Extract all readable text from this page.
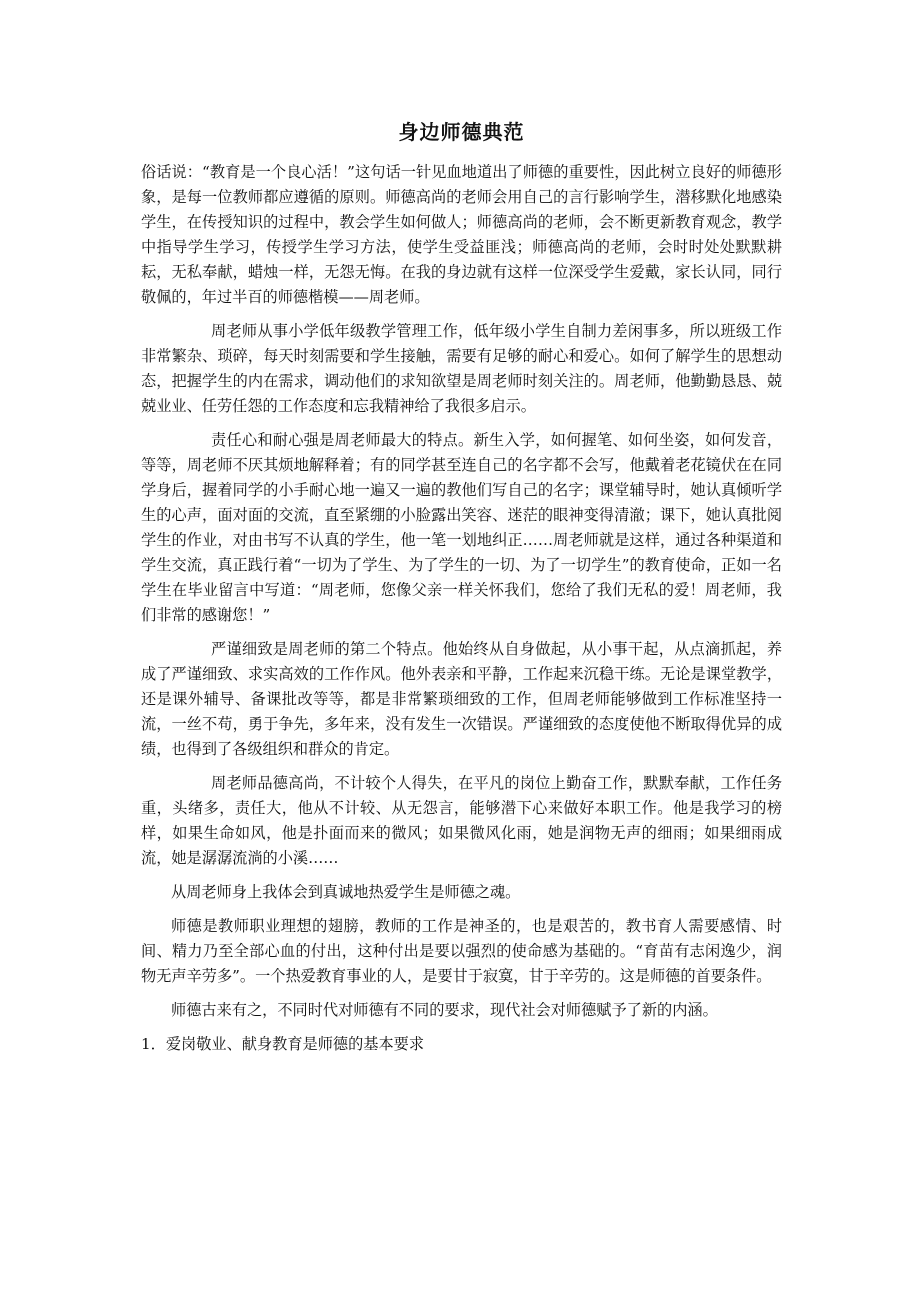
身边师德典范

俗话说：“教育是一个良心活！”这句话一针见血地道出了师德的重要性，因此树立良好的师德形象，是每一位教师都应遵循的原则。师德高尚的老师会用自己的言行影响学生，潜移默化地感染学生，在传授知识的过程中，教会学生如何做人；师德高尚的老师，会不断更新教育观念，教学中指导学生学习，传授学生学习方法，使学生受益匪浅；师德高尚的老师，会时时处处默默耕耘，无私奉献，蜡烛一样，无怨无悔。在我的身边就有这样一位深受学生爱戴，家长认同，同行敬佩的，年过半百的师德楷模——周老师。

周老师从事小学低年级教学管理工作，低年级小学生自制力差闲事多，所以班级工作非常繁杂、琐碎，每天时刻需要和学生接触，需要有足够的耐心和爱心。如何了解学生的思想动态，把握学生的内在需求，调动他们的求知欲望是周老师时刻关注的。周老师，他勤勤恳恳、兢兢业业、任劳任怨的工作态度和忘我精神给了我很多启示。

责任心和耐心强是周老师最大的特点。新生入学，如何握笔、如何坐姿，如何发音，等等，周老师不厌其烦地解释着；有的同学甚至连自己的名字都不会写，他戴着老花镜伏在在同学身后，握着同学的小手耐心地一遍又一遍的教他们写自己的名字；课堂辅导时，她认真倾听学生的心声，面对面的交流，直至紧绷的小脸露出笑容、迷茫的眼神变得清澈；课下，她认真批阅学生的作业，对由书写不认真的学生，他一笔一划地纠正……周老师就是这样，通过各种渠道和学生交流，真正践行着“一切为了学生、为了学生的一切、为了一切学生”的教育使命，正如一名学生在毕业留言中写道：“周老师，您像父亲一样关怀我们，您给了我们无私的爱！周老师，我们非常的感谢您！”

严谨细致是周老师的第二个特点。他始终从自身做起，从小事干起，从点滴抓起，养成了严谨细致、求实高效的工作作风。他外表亲和平静，工作起来沉稳干练。无论是课堂教学，还是课外辅导、备课批改等等，都是非常繁琐细致的工作，但周老师能够做到工作标准坚持一流，一丝不苟，勇于争先，多年来，没有发生一次错误。严谨细致的态度使他不断取得优异的成绩，也得到了各级组织和群众的肯定。

周老师品德高尚，不计较个人得失，在平凡的岗位上勤奋工作，默默奉献，工作任务重，头绪多，责任大，他从不计较、从无怨言，能够潜下心来做好本职工作。他是我学习的榜样，如果生命如风，他是扑面而来的微风；如果微风化雨，她是润物无声的细雨；如果细雨成流，她是潺潺流淌的小溪……

从周老师身上我体会到真诚地热爱学生是师德之魂。

师德是教师职业理想的翅膀，教师的工作是神圣的，也是艰苦的，教书育人需要感情、时间、精力乃至全部心血的付出，这种付出是要以强烈的使命感为基础的。“育苗有志闲逸少，润物无声辛劳多”。一个热爱教育事业的人，是要甘于寂寞，甘于辛劳的。这是师德的首要条件。

师德古来有之，不同时代对师德有不同的要求，现代社会对师德赋予了新的内涵。

1．爱岗敬业、献身教育是师德的基本要求
